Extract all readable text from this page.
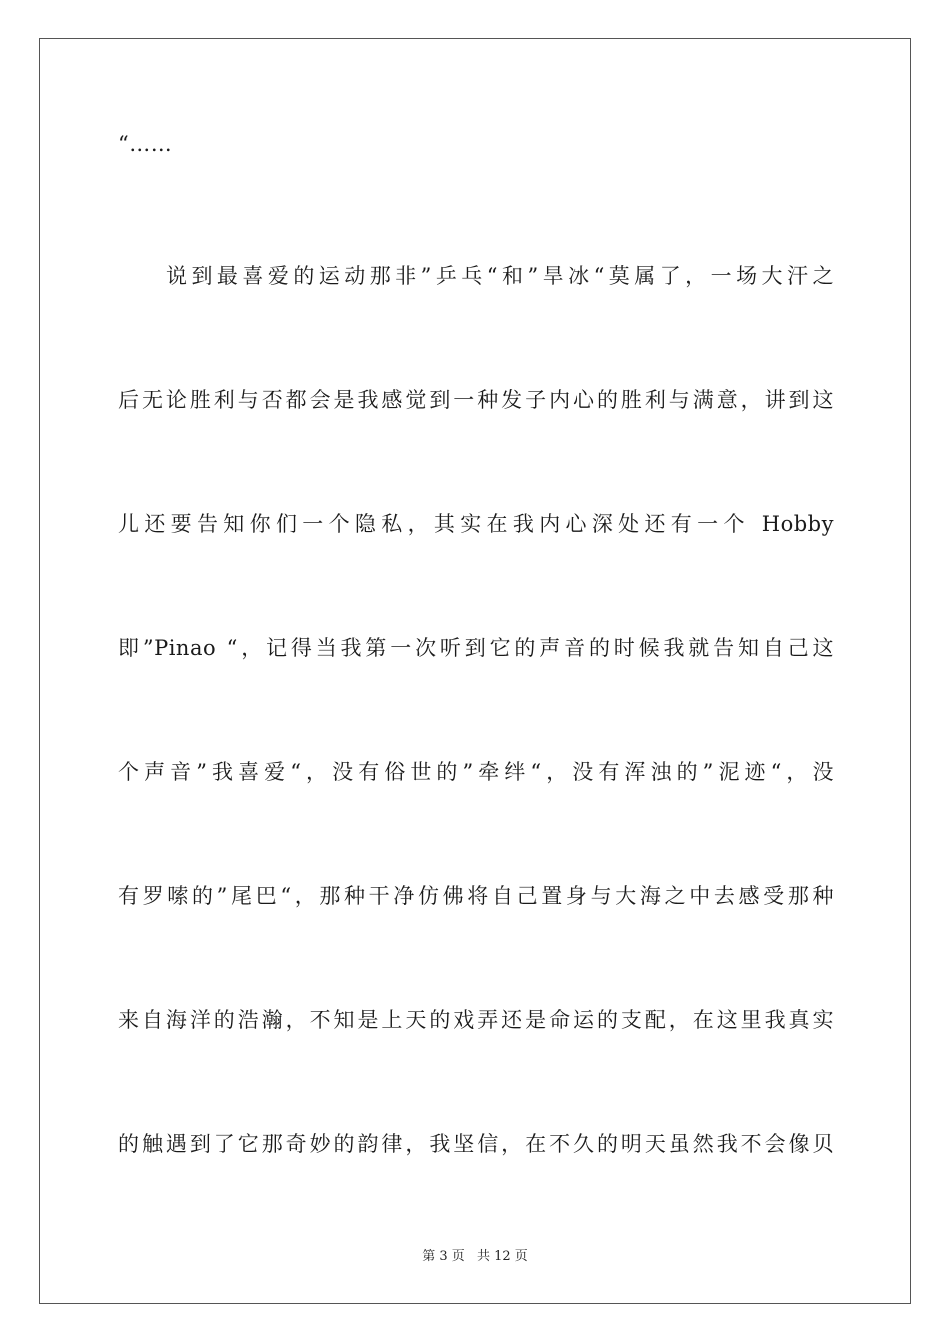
“……
说到最喜爱的运动那非”乒乓“和”旱冰“莫属了，一场大汗之
后无论胜利与否都会是我感觉到一种发子内心的胜利与满意，讲到这
儿还要告知你们一个隐私，其实在我内心深处还有一个 Hobby
即”Pinao “，记得当我第一次听到它的声音的时候我就告知自己这
个声音”我喜爱“，没有俗世的”牵绊“，没有浑浊的”泥迹“，没
有罗嗦的”尾巴“，那种干净仿佛将自己置身与大海之中去感受那种
来自海洋的浩瀚，不知是上天的戏弄还是命运的支配，在这里我真实
的触遇到了它那奇妙的韵律，我坚信，在不久的明天虽然我不会像贝
第 3 页 共 12 页
